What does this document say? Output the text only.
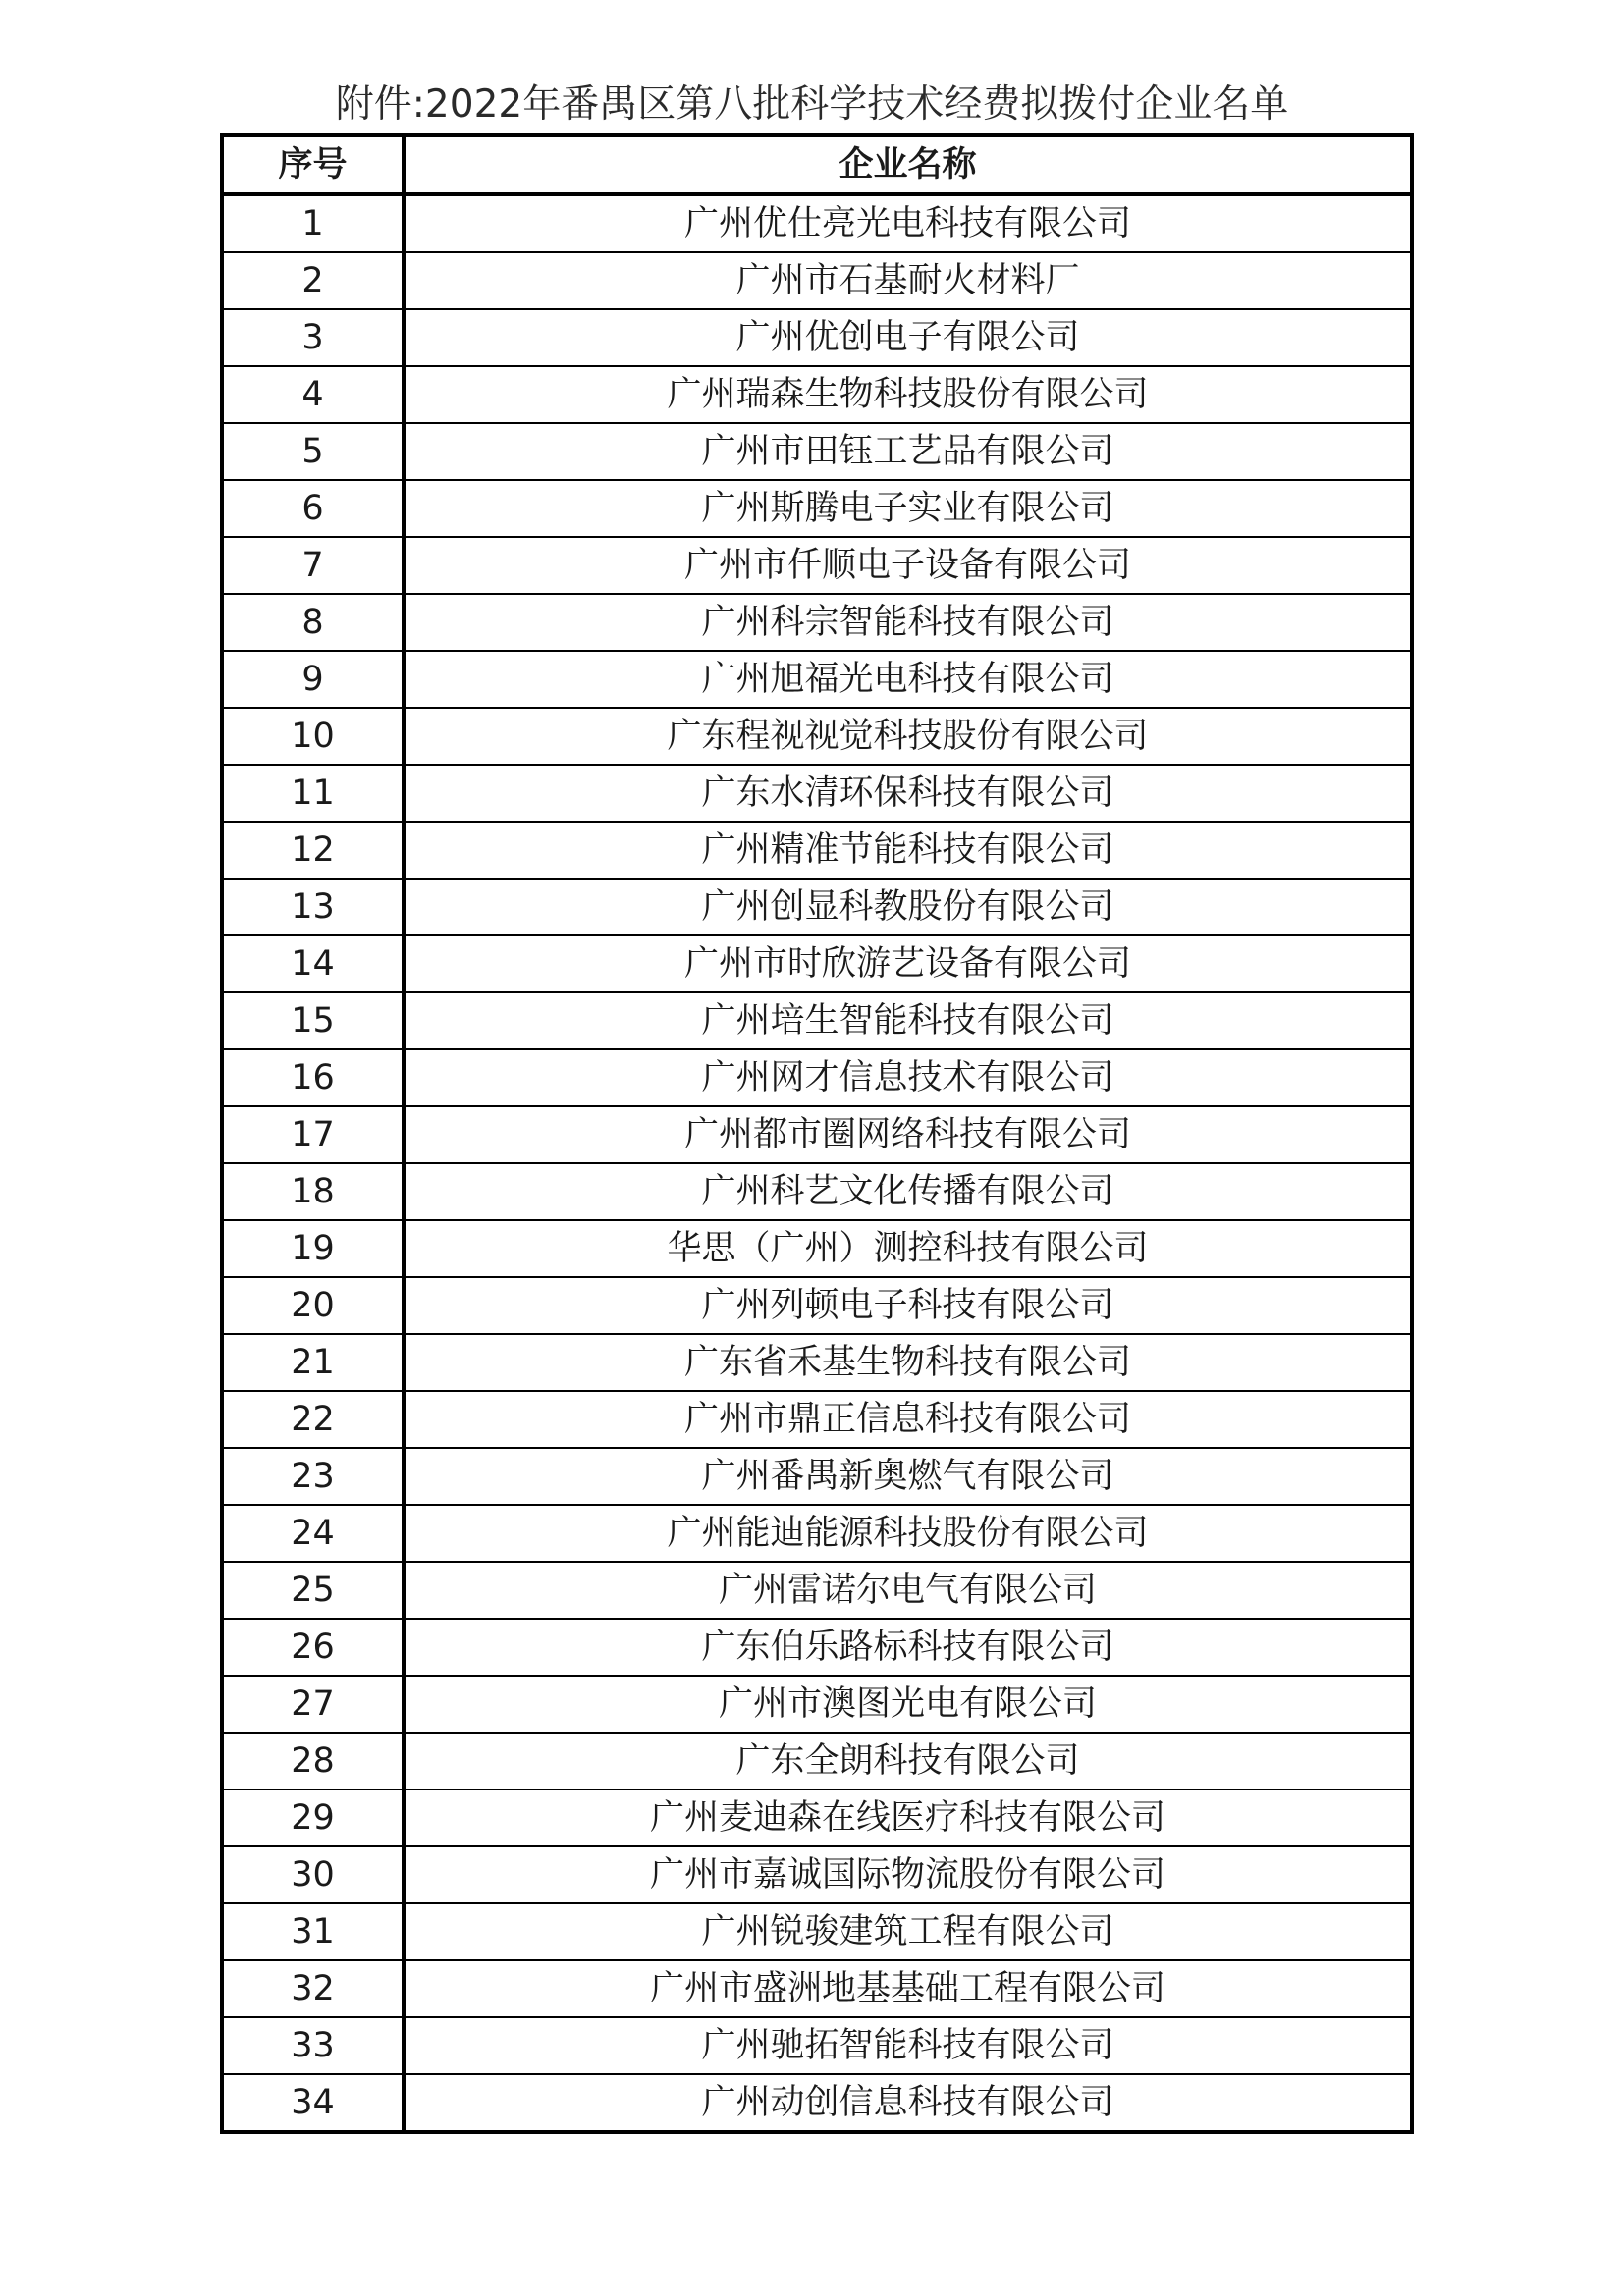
附件:2022年番禺区第八批科学技术经费拟拨付企业名单
序号	企业名称
1	广州优仕亮光电科技有限公司
2	广州市石基耐火材料厂
3	广州优创电子有限公司
4	广州瑞森生物科技股份有限公司
5	广州市田钰工艺品有限公司
6	广州斯腾电子实业有限公司
7	广州市仟顺电子设备有限公司
8	广州科宗智能科技有限公司
9	广州旭福光电科技有限公司
10	广东程视视觉科技股份有限公司
11	广东水清环保科技有限公司
12	广州精准节能科技有限公司
13	广州创显科教股份有限公司
14	广州市时欣游艺设备有限公司
15	广州培生智能科技有限公司
16	广州网才信息技术有限公司
17	广州都市圈网络科技有限公司
18	广州科艺文化传播有限公司
19	华思（广州）测控科技有限公司
20	广州列顿电子科技有限公司
21	广东省禾基生物科技有限公司
22	广州市鼎正信息科技有限公司
23	广州番禺新奥燃气有限公司
24	广州能迪能源科技股份有限公司
25	广州雷诺尔电气有限公司
26	广东伯乐路标科技有限公司
27	广州市澳图光电有限公司
28	广东全朗科技有限公司
29	广州麦迪森在线医疗科技有限公司
30	广州市嘉诚国际物流股份有限公司
31	广州锐骏建筑工程有限公司
32	广州市盛洲地基基础工程有限公司
33	广州驰拓智能科技有限公司
34	广州动创信息科技有限公司
